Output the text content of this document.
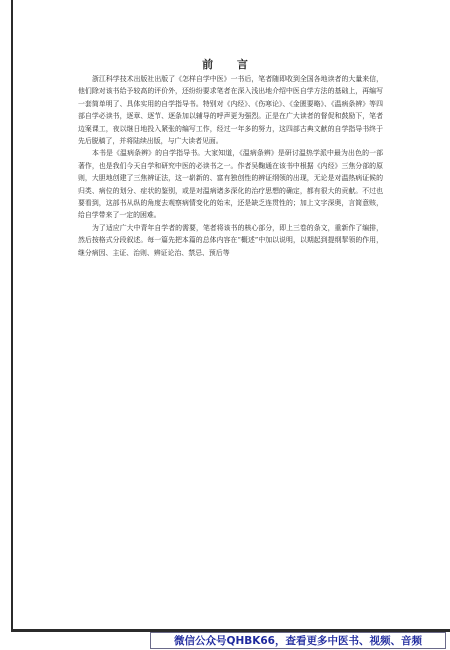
前 言

浙江科学技术出版社出版了《怎样自学中医》一书后，笔者随即收到全国各地读者的大量来信，他们除对该书给予较高的评价外，还纷纷要求笔者在深入浅出地介绍中医自学方法的基础上，再编写一套简单明了、具体实用的自学指导书。特别对《内经》、《伤寒论》、《金匮要略》、《温病条辨》等四部自学必读书，逐章、逐节、逐条加以辅导的呼声更为强烈。正是在广大读者的督促和鼓励下，笔者边案课工，夜以继日地投入紧张的编写工作，经过一年多的努力，这四部古典文献的自学指导书终于先后脱稿了，并将陆续出版，与广大读者见面。

本书是《温病条辨》的自学指导书。大家知道，《温病条辨》是研讨温热学派中最为出色的一部著作，也是我们今天自学和研究中医的必读书之一。作者吴鞠通在该书中根据《内经》三焦分部的原则，大胆地创建了三焦辨证法，这一崭新的、富有独创性的辨证纲领的出现，无论是对温热病证候的归类、病位的划分、症状的鉴别，或是对温病诸多深化的治疗思想的确定，都有很大的贡献。不过也要看到，这部书从纵的角度去观察病情变化的始末，还是缺乏连贯性的；加上文字深奥，言简意赅，给自学带来了一定的困难。

为了适应广大中青年自学者的需要，笔者将该书的核心部分，即上三卷的条文，重新作了编排，然后按格式分段叙述。每一篇先把本篇的总体内容在“概述”中加以说明，以期起到提纲挈领的作用，继分病因、主证、治则、辨证论治、禁忌、预后等

微信公众号QHBK66，查看更多中医书、视频、音频
